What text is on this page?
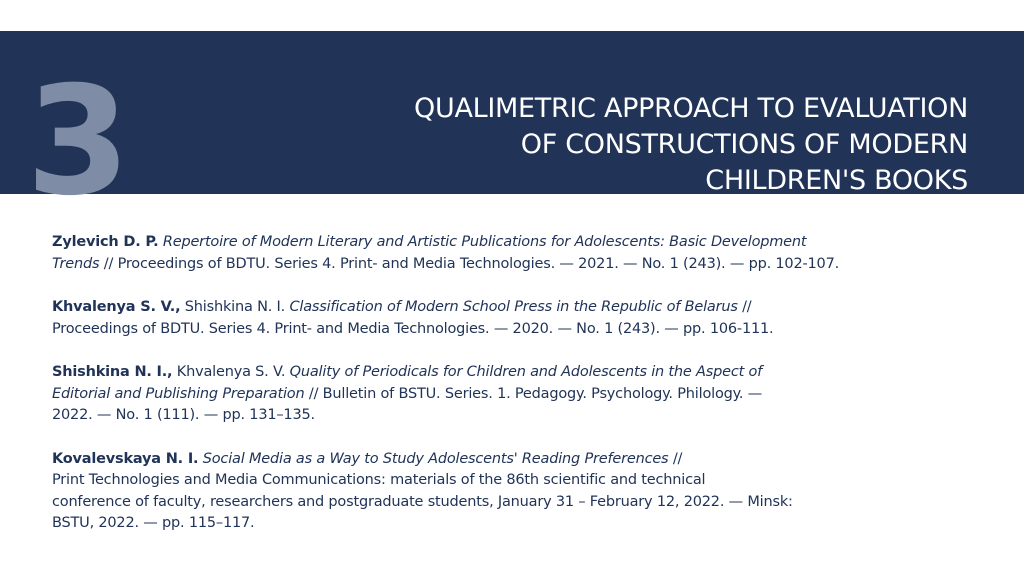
3	QUALIMETRIC APPROACH TO EVALUATION
OF CONSTRUCTIONS OF MODERN
CHILDREN'S BOOKS
Zylevich D. P. Repertoire of Modern Literary and Artistic Publications for Adolescents: Basic Development
Trends // Proceedings of BDTU. Series 4. Print- and Media Technologies. — 2021. — No. 1 (243). — pp. 102-107.
Khvalenya S. V., Shishkina N. I. Classification of Modern School Press in the Republic of Belarus //
Proceedings of BDTU. Series 4. Print- and Media Technologies. — 2020. — No. 1 (243). — pp. 106-111.
Shishkina N. I., Khvalenya S. V. Quality of Periodicals for Children and Adolescents in the Aspect of
Editorial and Publishing Preparation // Bulletin of BSTU. Series. 1. Pedagogy. Psychology. Philology. —
2022. — No. 1 (111). — pp. 131–135.
Kovalevskaya N. I. Social Media as a Way to Study Adolescents' Reading Preferences //
Print Technologies and Media Communications: materials of the 86th scientific and technical
conference of faculty, researchers and postgraduate students, January 31 – February 12, 2022. — Minsk:
BSTU, 2022. — pp. 115–117.
